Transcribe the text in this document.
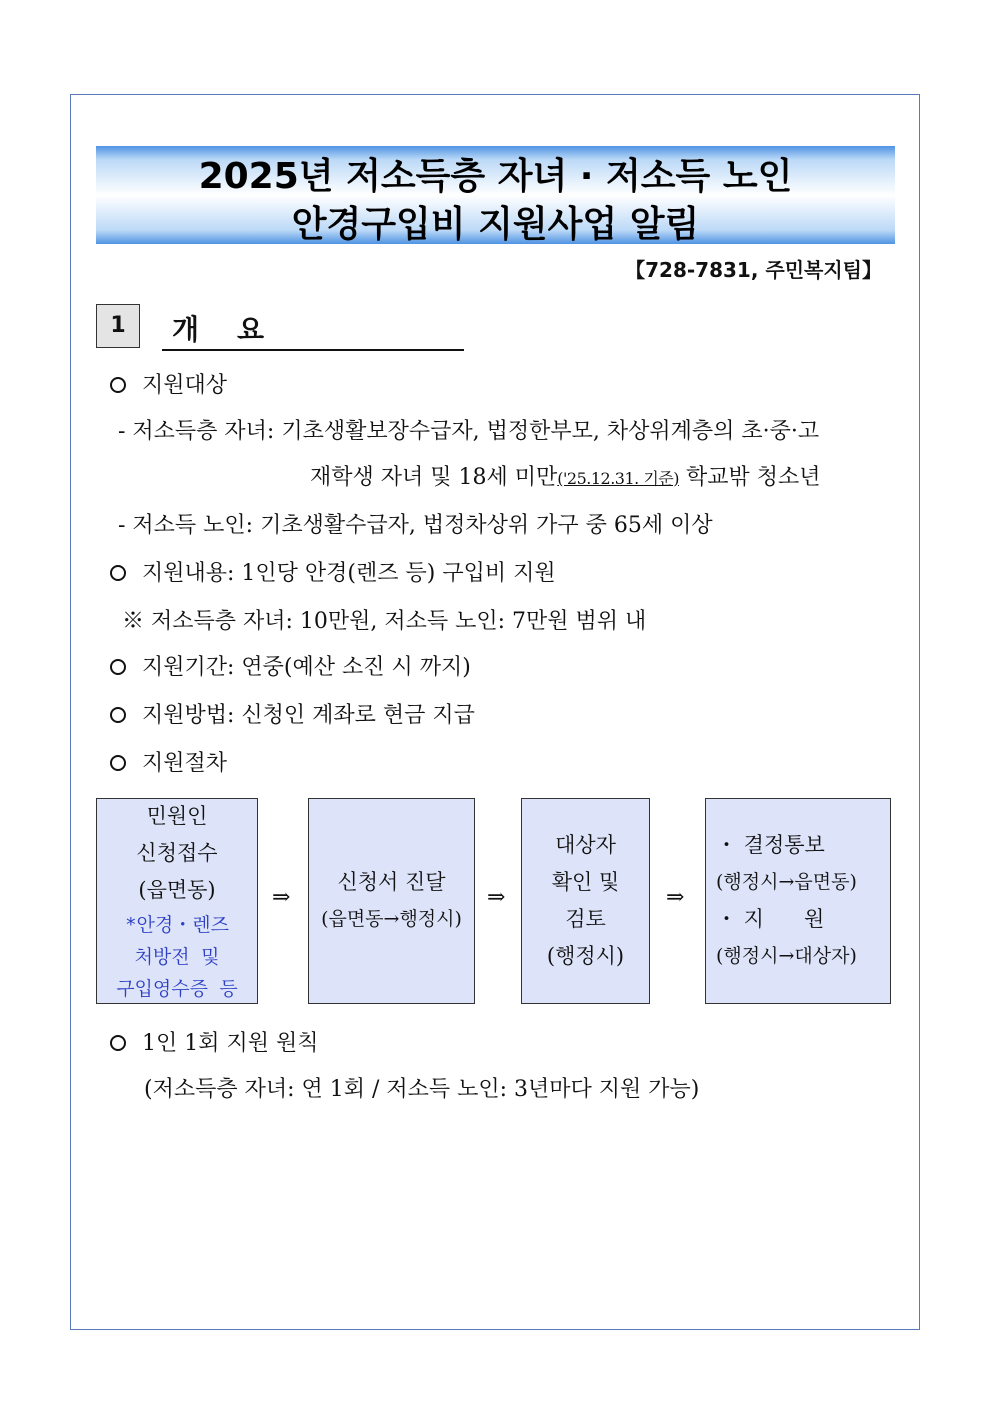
2025년 저소득층 자녀 · 저소득 노인
안경구입비 지원사업 알림
【728-7831, 주민복지팀】
1	개요
지원대상
- 저소득층 자녀: 기초생활보장수급자, 법정한부모, 차상위계층의 초·중·고
재학생 자녀 및 18세 미만('25.12.31. 기준) 학교밖 청소년
- 저소득 노인: 기초생활수급자, 법정차상위 가구 중 65세 이상
지원내용: 1인당 안경(렌즈 등) 구입비 지원
※ 저소득층 자녀: 10만원, 저소득 노인: 7만원 범위 내
지원기간: 연중(예산 소진 시 까지)
지원방법: 신청인 계좌로 현금 지급
지원절차
민원인
신청접수
(읍면동)
*안경・렌즈
처방전 및
구입영수증 등
⇒
신청서 진달
(읍면동→행정시)
⇒
대상자
확인 및
검토
(행정시)
⇒
・ 결정통보
(행정시→읍면동)
・ 지      원
(행정시→대상자)
1인 1회 지원 원칙
(저소득층 자녀: 연 1회 / 저소득 노인: 3년마다 지원 가능)
